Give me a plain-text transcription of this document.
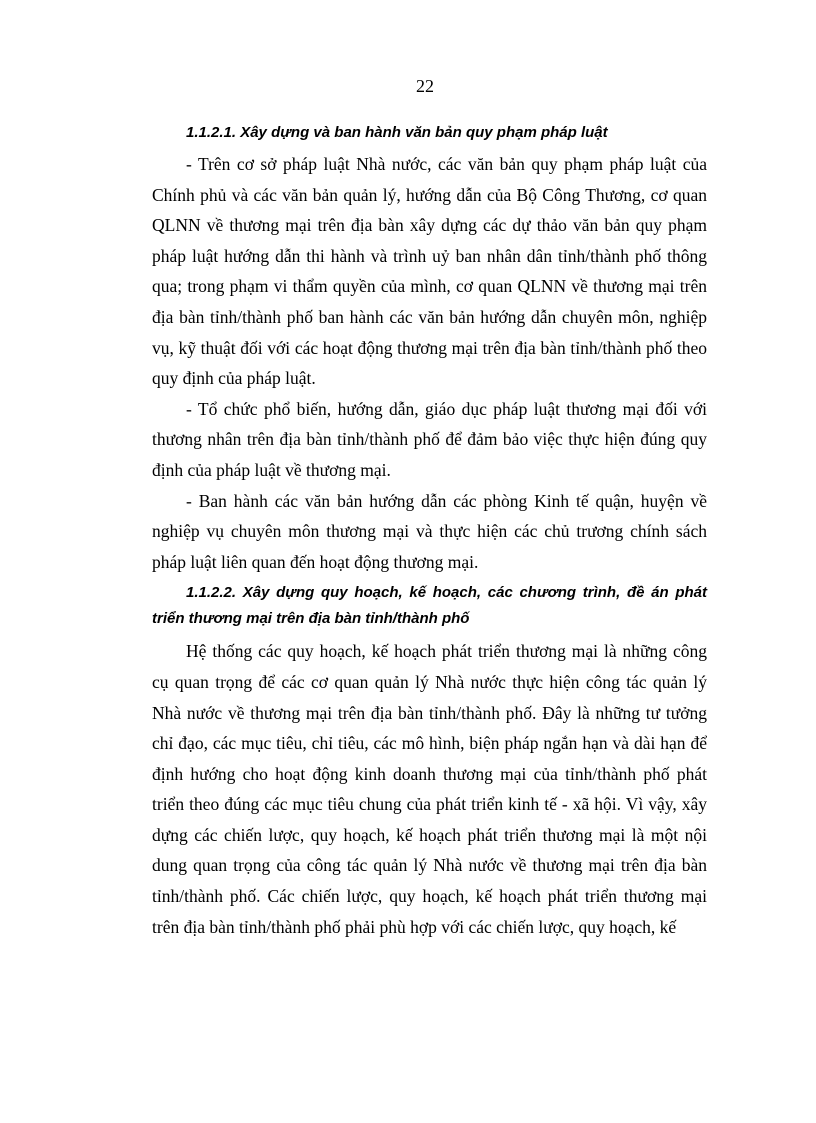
22

1.1.2.1. Xây dựng và ban hành văn bản quy phạm pháp luật

- Trên cơ sở pháp luật Nhà nước, các văn bản quy phạm pháp luật của Chính phủ và các văn bản quản lý, hướng dẫn của Bộ Công Thương, cơ quan QLNN về thương mại trên địa bàn xây dựng các dự thảo văn bản quy phạm pháp luật hướng dẫn thi hành và trình uỷ ban nhân dân tỉnh/thành phố thông qua; trong phạm vi thẩm quyền của mình, cơ quan QLNN về thương mại trên địa bàn tỉnh/thành phố ban hành các văn bản hướng dẫn chuyên môn, nghiệp vụ, kỹ thuật đối với các hoạt động thương mại trên địa bàn tỉnh/thành phố theo quy định của pháp luật.

- Tổ chức phổ biến, hướng dẫn, giáo dục pháp luật thương mại đối với thương nhân trên địa bàn tỉnh/thành phố để đảm bảo việc thực hiện đúng quy định của pháp luật về thương mại.

- Ban hành các văn bản hướng dẫn các phòng Kinh tế quận, huyện về nghiệp vụ chuyên môn thương mại và thực hiện các chủ trương chính sách pháp luật liên quan đến hoạt động thương mại.

1.1.2.2. Xây dựng quy hoạch, kế hoạch, các chương trình, đề án phát triển thương mại trên địa bàn tỉnh/thành phố

Hệ thống các quy hoạch, kế hoạch phát triển thương mại là những công cụ quan trọng để các cơ quan quản lý Nhà nước thực hiện công tác quản lý Nhà nước về thương mại trên địa bàn tỉnh/thành phố. Đây là những tư tưởng chỉ đạo, các mục tiêu, chỉ tiêu, các mô hình, biện pháp ngắn hạn và dài hạn để định hướng cho hoạt động kinh doanh thương mại của tỉnh/thành phố phát triển theo đúng các mục tiêu chung của phát triển kinh tế - xã hội. Vì vậy, xây dựng các chiến lược, quy hoạch, kế hoạch phát triển thương mại là một nội dung quan trọng của công tác quản lý Nhà nước về thương mại trên địa bàn tỉnh/thành phố. Các chiến lược, quy hoạch, kế hoạch phát triển thương mại trên địa bàn tỉnh/thành phố phải phù hợp với các chiến lược, quy hoạch, kế
